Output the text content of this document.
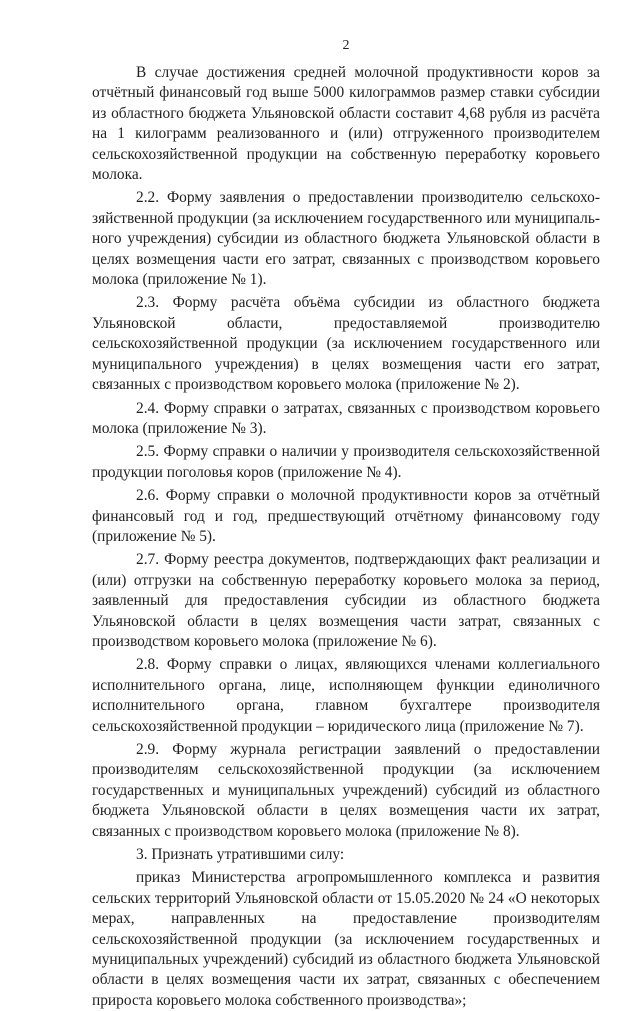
2

В случае достижения средней молочной продуктивности коров за отчётный финансовый год выше 5000 килограммов размер ставки субсидии из областного бюджета Ульяновской области составит 4,68 рубля из расчёта на 1 килограмм реализованного и (или) отгруженного производителем сельскохозяйственной продукции на собственную переработку коровьего молока.

2.2. Форму заявления о предоставлении производителю сельскохозяйственной продукции (за исключением государственного или муниципального учреждения) субсидии из областного бюджета Ульяновской области в целях возмещения части его затрат, связанных с производством коровьего молока (приложение № 1).

2.3. Форму расчёта объёма субсидии из областного бюджета Ульяновской области, предоставляемой производителю сельскохозяйственной продукции (за исключением государственного или муниципального учреждения) в целях возмещения части его затрат, связанных с производством коровьего молока (приложение № 2).

2.4. Форму справки о затратах, связанных с производством коровьего молока (приложение № 3).

2.5. Форму справки о наличии у производителя сельскохозяйственной продукции поголовья коров (приложение № 4).

2.6. Форму справки о молочной продуктивности коров за отчётный финансовый год и год, предшествующий отчётному финансовому году (приложение № 5).

2.7. Форму реестра документов, подтверждающих факт реализации и (или) отгрузки на собственную переработку коровьего молока за период, заявленный для предоставления субсидии из областного бюджета Ульяновской области в целях возмещения части затрат, связанных с производством коровьего молока (приложение № 6).

2.8. Форму справки о лицах, являющихся членами коллегиального исполнительного органа, лице, исполняющем функции единоличного исполнительного органа, главном бухгалтере производителя сельскохозяйственной продукции – юридического лица (приложение № 7).

2.9. Форму журнала регистрации заявлений о предоставлении производителям сельскохозяйственной продукции (за исключением государственных и муниципальных учреждений) субсидий из областного бюджета Ульяновской области в целях возмещения части их затрат, связанных с производством коровьего молока (приложение № 8).

3. Признать утратившими силу:

приказ Министерства агропромышленного комплекса и развития сельских территорий Ульяновской области от 15.05.2020 № 24 «О некоторых мерах, направленных на предоставление производителям сельскохозяйственной продукции (за исключением государственных и муниципальных учреждений) субсидий из областного бюджета Ульяновской области в целях возмещения части их затрат, связанных с обеспечением прироста коровьего молока собственного производства»;
